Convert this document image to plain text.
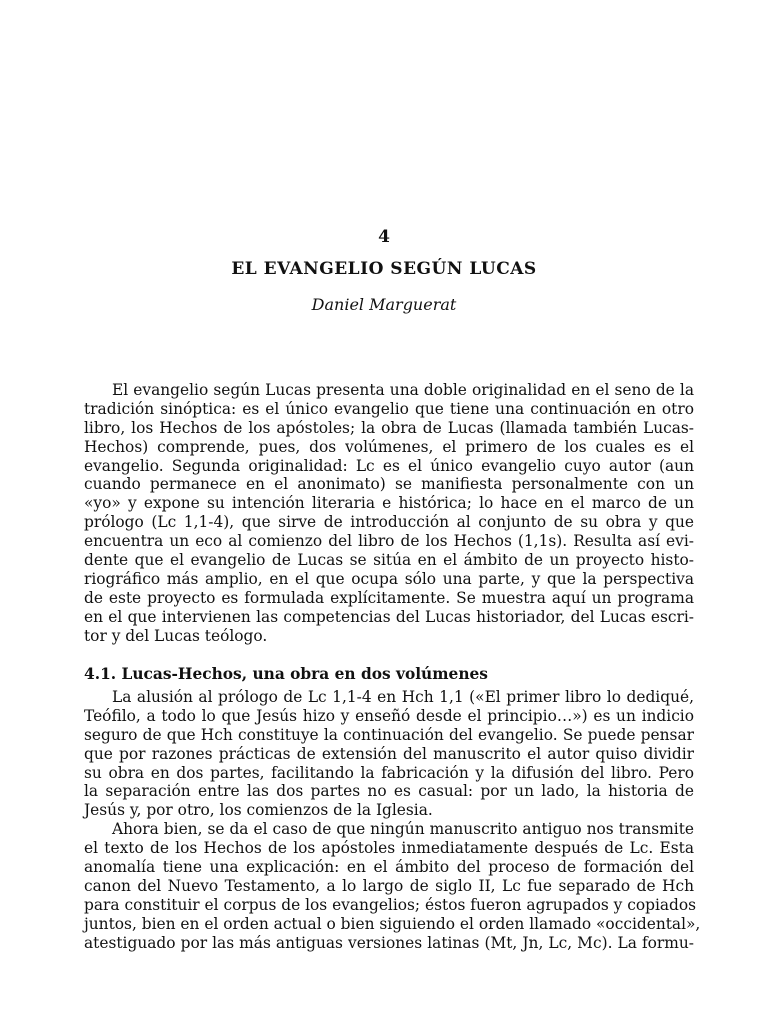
4
EL EVANGELIO SEGÚN LUCAS
Daniel Marguerat
El evangelio según Lucas presenta una doble originalidad en el seno de la
tradición sinóptica: es el único evangelio que tiene una continuación en otro
libro, los Hechos de los apóstoles; la obra de Lucas (llamada también Lucas-
Hechos) comprende, pues, dos volúmenes, el primero de los cuales es el
evangelio. Segunda originalidad: Lc es el único evangelio cuyo autor (aun
cuando permanece en el anonimato) se manifiesta personalmente con un
«yo» y expone su intención literaria e histórica; lo hace en el marco de un
prólogo (Lc 1,1-4), que sirve de introducción al conjunto de su obra y que
encuentra un eco al comienzo del libro de los Hechos (1,1s). Resulta así evi-
dente que el evangelio de Lucas se sitúa en el ámbito de un proyecto histo-
riográfico más amplio, en el que ocupa sólo una parte, y que la perspectiva
de este proyecto es formulada explícitamente. Se muestra aquí un programa
en el que intervienen las competencias del Lucas historiador, del Lucas escri-
tor y del Lucas teólogo.
4.1. Lucas-Hechos, una obra en dos volúmenes
La alusión al prólogo de Lc 1,1-4 en Hch 1,1 («El primer libro lo dediqué,
Teófilo, a todo lo que Jesús hizo y enseñó desde el principio…») es un indicio
seguro de que Hch constituye la continuación del evangelio. Se puede pensar
que por razones prácticas de extensión del manuscrito el autor quiso dividir
su obra en dos partes, facilitando la fabricación y la difusión del libro. Pero
la separación entre las dos partes no es casual: por un lado, la historia de
Jesús y, por otro, los comienzos de la Iglesia.
Ahora bien, se da el caso de que ningún manuscrito antiguo nos transmite
el texto de los Hechos de los apóstoles inmediatamente después de Lc. Esta
anomalía tiene una explicación: en el ámbito del proceso de formación del
canon del Nuevo Testamento, a lo largo de siglo II, Lc fue separado de Hch
para constituir el corpus de los evangelios; éstos fueron agrupados y copiados
juntos, bien en el orden actual o bien siguiendo el orden llamado «occidental»,
atestiguado por las más antiguas versiones latinas (Mt, Jn, Lc, Mc). La formu-
